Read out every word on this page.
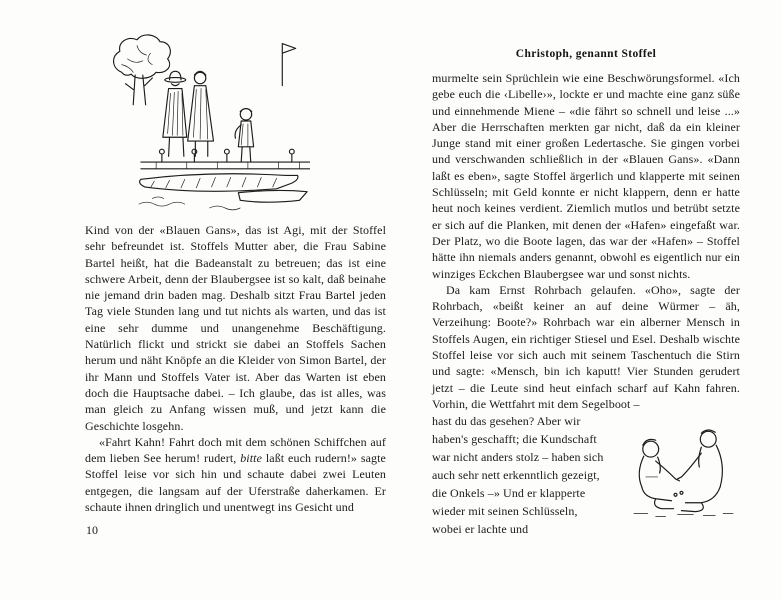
Kind von der «Blauen Gans», das ist Agi, mit der Stoffel sehr befreundet ist. Stoffels Mutter aber, die Frau Sabine Bartel heißt, hat die Badeanstalt zu betreuen; das ist eine schwere Arbeit, denn der Blaubergsee ist so kalt, daß beinahe nie jemand drin baden mag. Deshalb sitzt Frau Bartel jeden Tag viele Stunden lang und tut nichts als warten, und das ist eine sehr dumme und unangenehme Beschäftigung. Natürlich flickt und strickt sie dabei an Stoffels Sachen herum und näht Knöpfe an die Kleider von Simon Bartel, der ihr Mann und Stoffels Vater ist. Aber das Warten ist eben doch die Hauptsache dabei. – Ich glaube, das ist alles, was man gleich zu Anfang wissen muß, und jetzt kann die Geschichte losgehn.

«Fahrt Kahn! Fahrt doch mit dem schönen Schiffchen auf dem lieben See herum! rudert, bitte laßt euch rudern!» sagte Stoffel leise vor sich hin und schaute dabei zwei Leuten entgegen, die langsam auf der Uferstraße daherkamen. Er schaute ihnen dringlich und unentwegt ins Gesicht und

10
Christoph, genannt Stoffel

murmelte sein Sprüchlein wie eine Beschwörungsformel. «Ich gebe euch die ‹Libelle›», lockte er und machte eine ganz süße und einnehmende Miene – «die fährt so schnell und leise ...» Aber die Herrschaften merkten gar nicht, daß da ein kleiner Junge stand mit einer großen Ledertasche. Sie gingen vorbei und verschwanden schließlich in der «Blauen Gans». «Dann laßt es eben», sagte Stoffel ärgerlich und klapperte mit seinen Schlüsseln; mit Geld konnte er nicht klappern, denn er hatte heut noch keines verdient. Ziemlich mutlos und betrübt setzte er sich auf die Planken, mit denen der «Hafen» eingefaßt war. Der Platz, wo die Boote lagen, das war der «Hafen» – Stoffel hätte ihn niemals anders genannt, obwohl es eigentlich nur ein winziges Eckchen Blaubergsee war und sonst nichts.

Da kam Ernst Rohrbach gelaufen. «Oho», sagte der Rohrbach, «beißt keiner an auf deine Würmer – äh, Verzeihung: Boote?» Rohrbach war ein alberner Mensch in Stoffels Augen, ein richtiger Stiesel und Esel. Deshalb wischte Stoffel leise vor sich auch mit seinem Taschentuch die Stirn und sagte: «Mensch, bin ich kaputt! Vier Stunden gerudert jetzt – die Leute sind heut einfach scharf auf Kahn fahren. Vorhin, die Wettfahrt mit dem Segelboot –

hast du das gesehen? Aber wir haben's geschafft; die Kundschaft war nicht anders stolz – haben sich auch sehr nett erkenntlich gezeigt, die Onkels –» Und er klapperte wieder mit seinen Schlüsseln, wobei er lachte und
